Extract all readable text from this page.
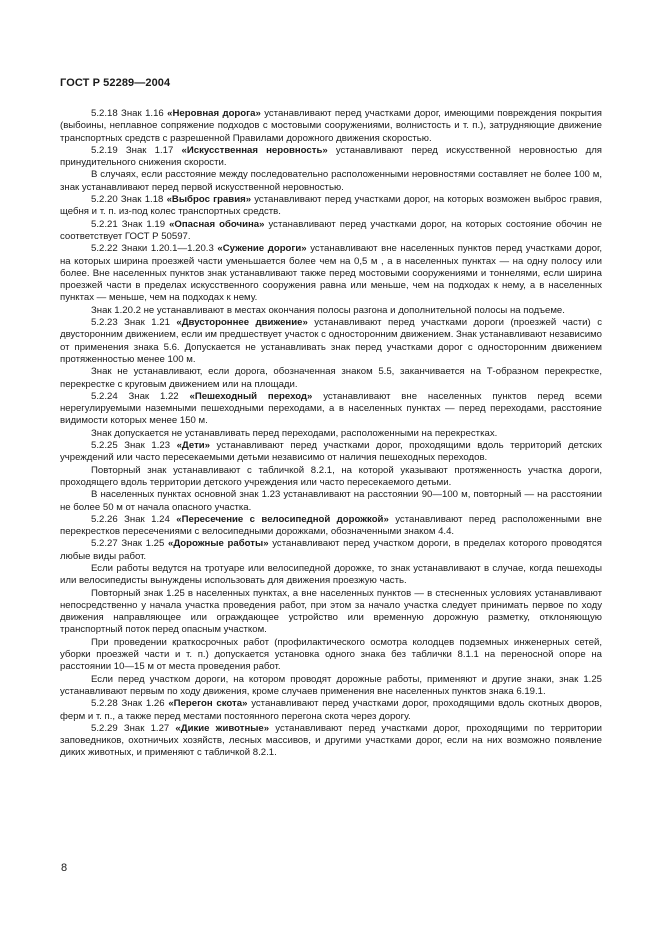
ГОСТ Р 52289—2004

5.2.18 Знак 1.16 «Неровная дорога» устанавливают перед участками дорог, имеющими повреждения покрытия (выбоины, неплавное сопряжение подходов с мостовыми сооружениями, волнистость и т. п.), затрудняющие движение транспортных средств с разрешенной Правилами дорожного движения скоростью.

5.2.19 Знак 1.17 «Искусственная неровность» устанавливают перед искусственной неровностью для принудительного снижения скорости.

В случаях, если расстояние между последовательно расположенными неровностями составляет не более 100 м, знак устанавливают перед первой искусственной неровностью.

5.2.20 Знак 1.18 «Выброс гравия» устанавливают перед участками дорог, на которых возможен выброс гравия, щебня и т. п. из-под колес транспортных средств.

5.2.21 Знак 1.19 «Опасная обочина» устанавливают перед участками дорог, на которых состояние обочин не соответствует ГОСТ Р 50597.

5.2.22 Знаки 1.20.1—1.20.3 «Сужение дороги» устанавливают вне населенных пунктов перед участками дорог, на которых ширина проезжей части уменьшается более чем на 0,5 м , а в населенных пунктах — на одну полосу или более. Вне населенных пунктов знак устанавливают также перед мостовыми сооружениями и тоннелями, если ширина проезжей части в пределах искусственного сооружения равна или меньше, чем на подходах к нему, а в населенных пунктах — меньше, чем на подходах к нему.

Знак 1.20.2 не устанавливают в местах окончания полосы разгона и дополнительной полосы на подъеме.

5.2.23 Знак 1.21 «Двустороннее движение» устанавливают перед участками дороги (проезжей части) с двусторонним движением, если им предшествует участок с односторонним движением. Знак устанавливают независимо от применения знака 5.6. Допускается не устанавливать знак перед участками дорог с односторонним движением протяженностью менее 100 м.

Знак не устанавливают, если дорога, обозначенная знаком 5.5, заканчивается на Т-образном перекрестке, перекрестке с круговым движением или на площади.

5.2.24 Знак 1.22 «Пешеходный переход» устанавливают вне населенных пунктов перед всеми нерегулируемыми наземными пешеходными переходами, а в населенных пунктах — перед переходами, расстояние видимости которых менее 150 м.

Знак допускается не устанавливать перед переходами, расположенными на перекрестках.

5.2.25 Знак 1.23 «Дети» устанавливают перед участками дорог, проходящими вдоль территорий детских учреждений или часто пересекаемыми детьми независимо от наличия пешеходных переходов.

Повторный знак устанавливают с табличкой 8.2.1, на которой указывают протяженность участка дороги, проходящего вдоль территории детского учреждения или часто пересекаемого детьми.

В населенных пунктах основной знак 1.23 устанавливают на расстоянии 90—100 м, повторный — на расстоянии не более 50 м от начала опасного участка.

5.2.26 Знак 1.24 «Пересечение с велосипедной дорожкой» устанавливают перед расположенными вне перекрестков пересечениями с велосипедными дорожками, обозначенными знаком 4.4.

5.2.27 Знак 1.25 «Дорожные работы» устанавливают перед участком дороги, в пределах которого проводятся любые виды работ.

Если работы ведутся на тротуаре или велосипедной дорожке, то знак устанавливают в случае, когда пешеходы или велосипедисты вынуждены использовать для движения проезжую часть.

Повторный знак 1.25 в населенных пунктах, а вне населенных пунктов — в стесненных условиях устанавливают непосредственно у начала участка проведения работ, при этом за начало участка следует принимать первое по ходу движения направляющее или ограждающее устройство или временную дорожную разметку, отклоняющую транспортный поток перед опасным участком.

При проведении краткосрочных работ (профилактического осмотра колодцев подземных инженерных сетей, уборки проезжей части и т. п.) допускается установка одного знака без таблички 8.1.1 на переносной опоре на расстоянии 10—15 м от места проведения работ.

Если перед участком дороги, на котором проводят дорожные работы, применяют и другие знаки, знак 1.25 устанавливают первым по ходу движения, кроме случаев применения вне населенных пунктов знака 6.19.1.

5.2.28 Знак 1.26 «Перегон скота» устанавливают перед участками дорог, проходящими вдоль скотных дворов, ферм и т. п., а также перед местами постоянного перегона скота через дорогу.

5.2.29 Знак 1.27 «Дикие животные» устанавливают перед участками дорог, проходящими по территории заповедников, охотничьих хозяйств, лесных массивов, и другими участками дорог, если на них возможно появление диких животных, и применяют с табличкой 8.2.1.

8
